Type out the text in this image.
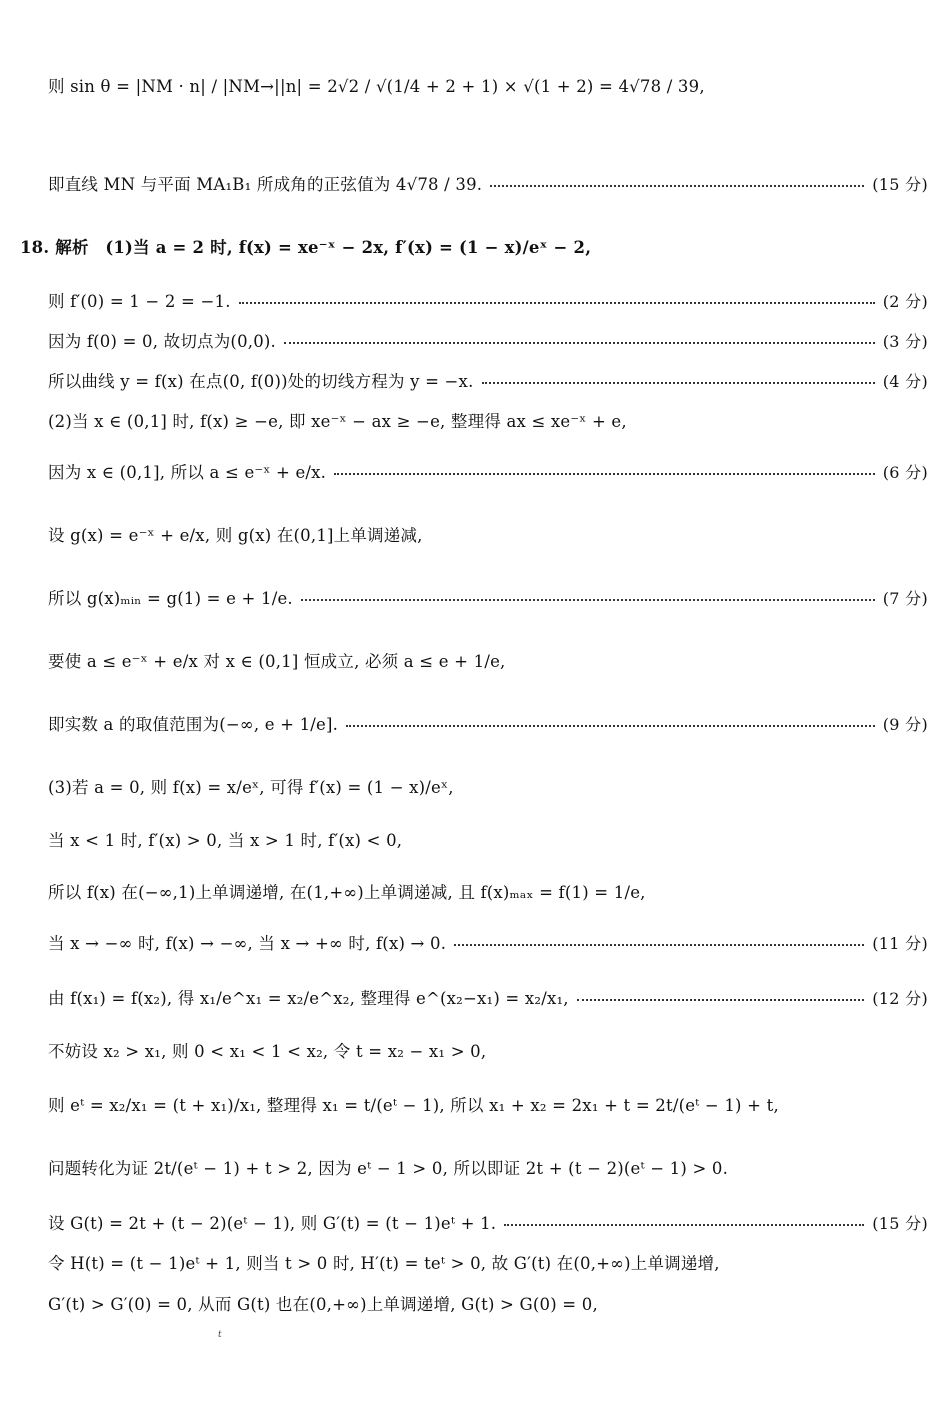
则 sin θ = |NM · n| / |NM→||n| = 2√2 / √(1/4 + 2 + 1) × √(1 + 2) = 4√78 / 39,
即直线 MN 与平面 MA₁B₁ 所成角的正弦值为 4√78 / 39.	(15 分)
18. 解析　(1)当 a = 2 时, f(x) = xe⁻ˣ − 2x, f′(x) = (1 − x)/eˣ − 2,
则 f′(0) = 1 − 2 = −1.	(2 分)
因为 f(0) = 0, 故切点为(0,0).	(3 分)
所以曲线 y = f(x) 在点(0, f(0))处的切线方程为 y = −x.	(4 分)
(2)当 x ∈ (0,1] 时, f(x) ≥ −e, 即 xe⁻ˣ − ax ≥ −e, 整理得 ax ≤ xe⁻ˣ + e,
因为 x ∈ (0,1], 所以 a ≤ e⁻ˣ + e/x.	(6 分)
设 g(x) = e⁻ˣ + e/x, 则 g(x) 在(0,1]上单调递减,
所以 g(x)ₘᵢₙ = g(1) = e + 1/e.	(7 分)
要使 a ≤ e⁻ˣ + e/x 对 x ∈ (0,1] 恒成立, 必须 a ≤ e + 1/e,
即实数 a 的取值范围为(−∞, e + 1/e].	(9 分)
(3)若 a = 0, 则 f(x) = x/eˣ, 可得 f′(x) = (1 − x)/eˣ,
当 x < 1 时, f′(x) > 0, 当 x > 1 时, f′(x) < 0,
所以 f(x) 在(−∞,1)上单调递增, 在(1,+∞)上单调递减, 且 f(x)ₘₐₓ = f(1) = 1/e,
当 x → −∞ 时, f(x) → −∞, 当 x → +∞ 时, f(x) → 0.	(11 分)
由 f(x₁) = f(x₂), 得 x₁/e^x₁ = x₂/e^x₂, 整理得 e^(x₂−x₁) = x₂/x₁,	(12 分)
不妨设 x₂ > x₁, 则 0 < x₁ < 1 < x₂, 令 t = x₂ − x₁ > 0,
则 eᵗ = x₂/x₁ = (t + x₁)/x₁, 整理得 x₁ = t/(eᵗ − 1), 所以 x₁ + x₂ = 2x₁ + t = 2t/(eᵗ − 1) + t,
问题转化为证 2t/(eᵗ − 1) + t > 2, 因为 eᵗ − 1 > 0, 所以即证 2t + (t − 2)(eᵗ − 1) > 0.
设 G(t) = 2t + (t − 2)(eᵗ − 1), 则 G′(t) = (t − 1)eᵗ + 1.	(15 分)
令 H(t) = (t − 1)eᵗ + 1, 则当 t > 0 时, H′(t) = teᵗ > 0, 故 G′(t) 在(0,+∞)上单调递增,
G′(t) > G′(0) = 0, 从而 G(t) 也在(0,+∞)上单调递增, G(t) > G(0) = 0,
t
